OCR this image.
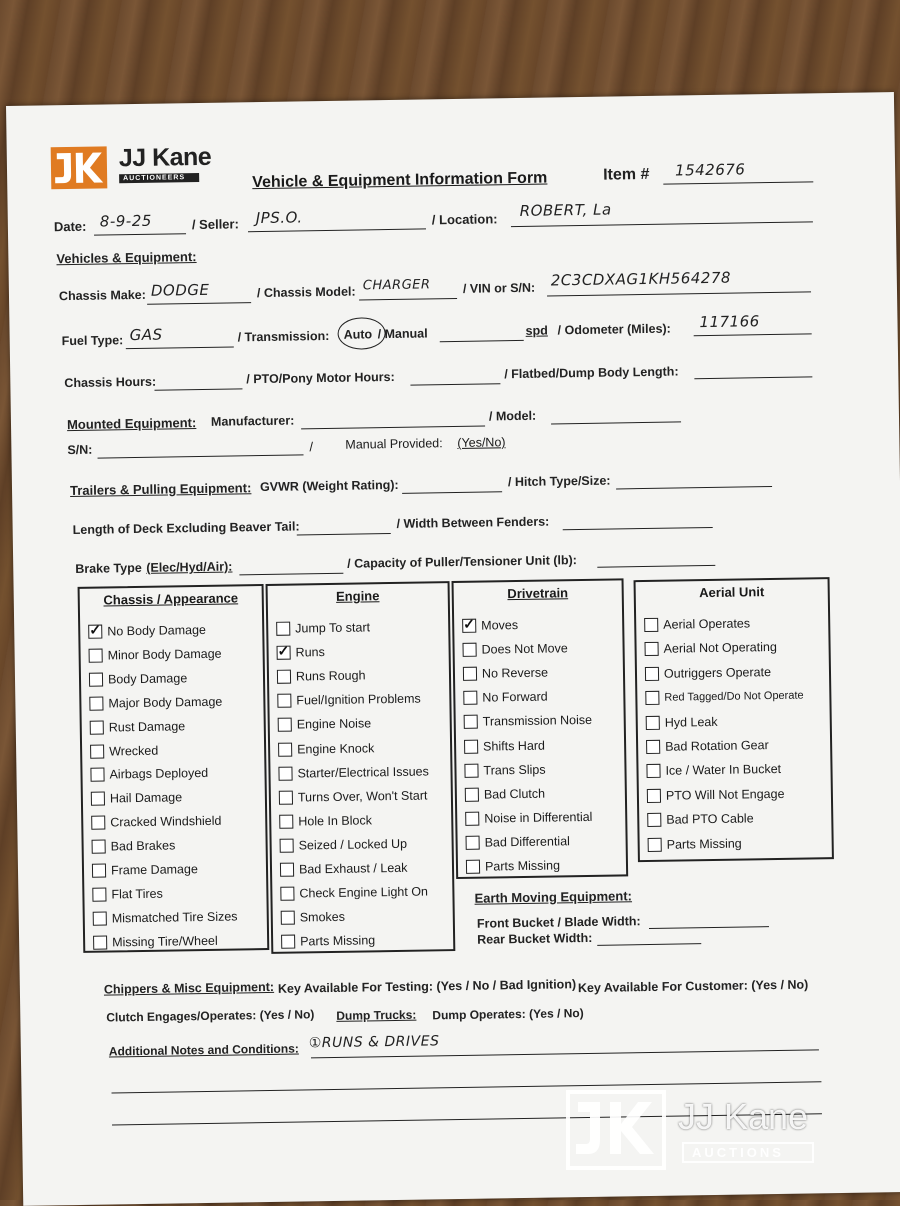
JJ Kane
AUCTIONEERS	Vehicle & Equipment Information Form	Item # 1542676
Date: 8-9-25	/ Seller: JPS.O.	/ Location: ROBERT, La
Vehicles & Equipment:
Chassis Make: DODGE	/ Chassis Model: CHARGER	/ VIN or S/N: 2C3CDXAG1KH564278
Fuel Type: GAS	/ Transmission: Auto / Manual	spd / Odometer (Miles): 117166
Chassis Hours:	/ PTO/Pony Motor Hours:	/ Flatbed/Dump Body Length:
Mounted Equipment: Manufacturer:	/ Model:
S/N:	/	Manual Provided: (Yes/No)
Trailers & Pulling Equipment: GVWR (Weight Rating):	/ Hitch Type/Size:
Length of Deck Excluding Beaver Tail:	/ Width Between Fenders:
Brake Type (Elec/Hyd/Air):	/ Capacity of Puller/Tensioner Unit (lb):
Chassis / Appearance
✓
No Body Damage
Minor Body Damage
Body Damage
Major Body Damage
Rust Damage
Wrecked
Airbags Deployed
Hail Damage
Cracked Windshield
Bad Brakes
Frame Damage
Flat Tires
Mismatched Tire Sizes
Missing Tire/Wheel
Engine
Jump To start
✓
Runs
Runs Rough
Fuel/Ignition Problems
Engine Noise
Engine Knock
Starter/Electrical Issues
Turns Over, Won't Start
Hole In Block
Seized / Locked Up
Bad Exhaust / Leak
Check Engine Light On
Smokes
Parts Missing
Drivetrain
✓
Moves
Does Not Move
No Reverse
No Forward
Transmission Noise
Shifts Hard
Trans Slips
Bad Clutch
Noise in Differential
Bad Differential
Parts Missing
Aerial Unit
Aerial Operates
Aerial Not Operating
Outriggers Operate
Red Tagged/Do Not Operate
Hyd Leak
Bad Rotation Gear
Ice / Water In Bucket
PTO Will Not Engage
Bad PTO Cable
Parts Missing
Earth Moving Equipment:
Front Bucket / Blade Width:
Rear Bucket Width:
Chippers & Misc Equipment: Key Available For Testing: (Yes / No / Bad Ignition) Key Available For Customer: (Yes / No)
Clutch Engages/Operates: (Yes / No) Dump Trucks: Dump Operates: (Yes / No)
Additional Notes and Conditions: ①RUNS & DRIVES
JJ Kane
AUCTIONS
